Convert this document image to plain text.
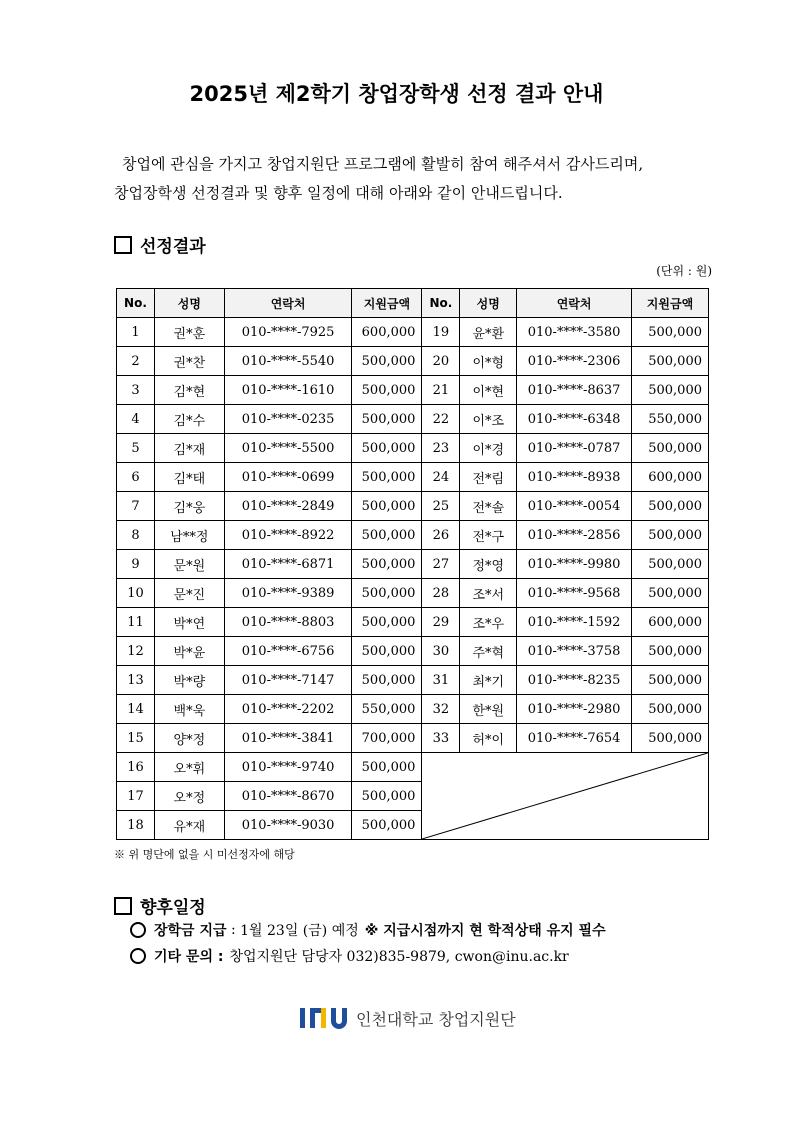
2025년 제2학기 창업장학생 선정 결과 안내

창업에 관심을 가지고 창업지원단 프로그램에 활발히 참여 해주셔서 감사드리며,

창업장학생 선정결과 및 향후 일정에 대해 아래와 같이 안내드립니다.

선정결과
(단위 : 원)
No.	성명	연락처	지원금액	No.	성명	연락처	지원금액
1	권*훈	010-****-7925	600,000	19	윤*환	010-****-3580	500,000
2	권*찬	010-****-5540	500,000	20	이*형	010-****-2306	500,000
3	김*현	010-****-1610	500,000	21	이*현	010-****-8637	500,000
4	김*수	010-****-0235	500,000	22	이*조	010-****-6348	550,000
5	김*재	010-****-5500	500,000	23	이*경	010-****-0787	500,000
6	김*태	010-****-0699	500,000	24	전*림	010-****-8938	600,000
7	김*웅	010-****-2849	500,000	25	전*솔	010-****-0054	500,000
8	남**정	010-****-8922	500,000	26	전*구	010-****-2856	500,000
9	문*원	010-****-6871	500,000	27	정*영	010-****-9980	500,000
10	문*진	010-****-9389	500,000	28	조*서	010-****-9568	500,000
11	박*연	010-****-8803	500,000	29	조*우	010-****-1592	600,000
12	박*윤	010-****-6756	500,000	30	주*혁	010-****-3758	500,000
13	박*량	010-****-7147	500,000	31	최*기	010-****-8235	500,000
14	백*욱	010-****-2202	550,000	32	한*원	010-****-2980	500,000
15	양*정	010-****-3841	700,000	33	허*이	010-****-7654	500,000
16	오*휘	010-****-9740	500,000	

17	오*정	010-****-8670	500,000				
18	유*재	010-****-9030	500,000				
※ 위 명단에 없을 시 미선정자에 해당
향후일정
장학금 지급 : 1월 23일 (금) 예정 ※ 지급시점까지 현 학적상태 유지 필수
기타 문의 : 창업지원단 담당자 032)835-9879, cwon@inu.ac.kr
인천대학교 창업지원단
